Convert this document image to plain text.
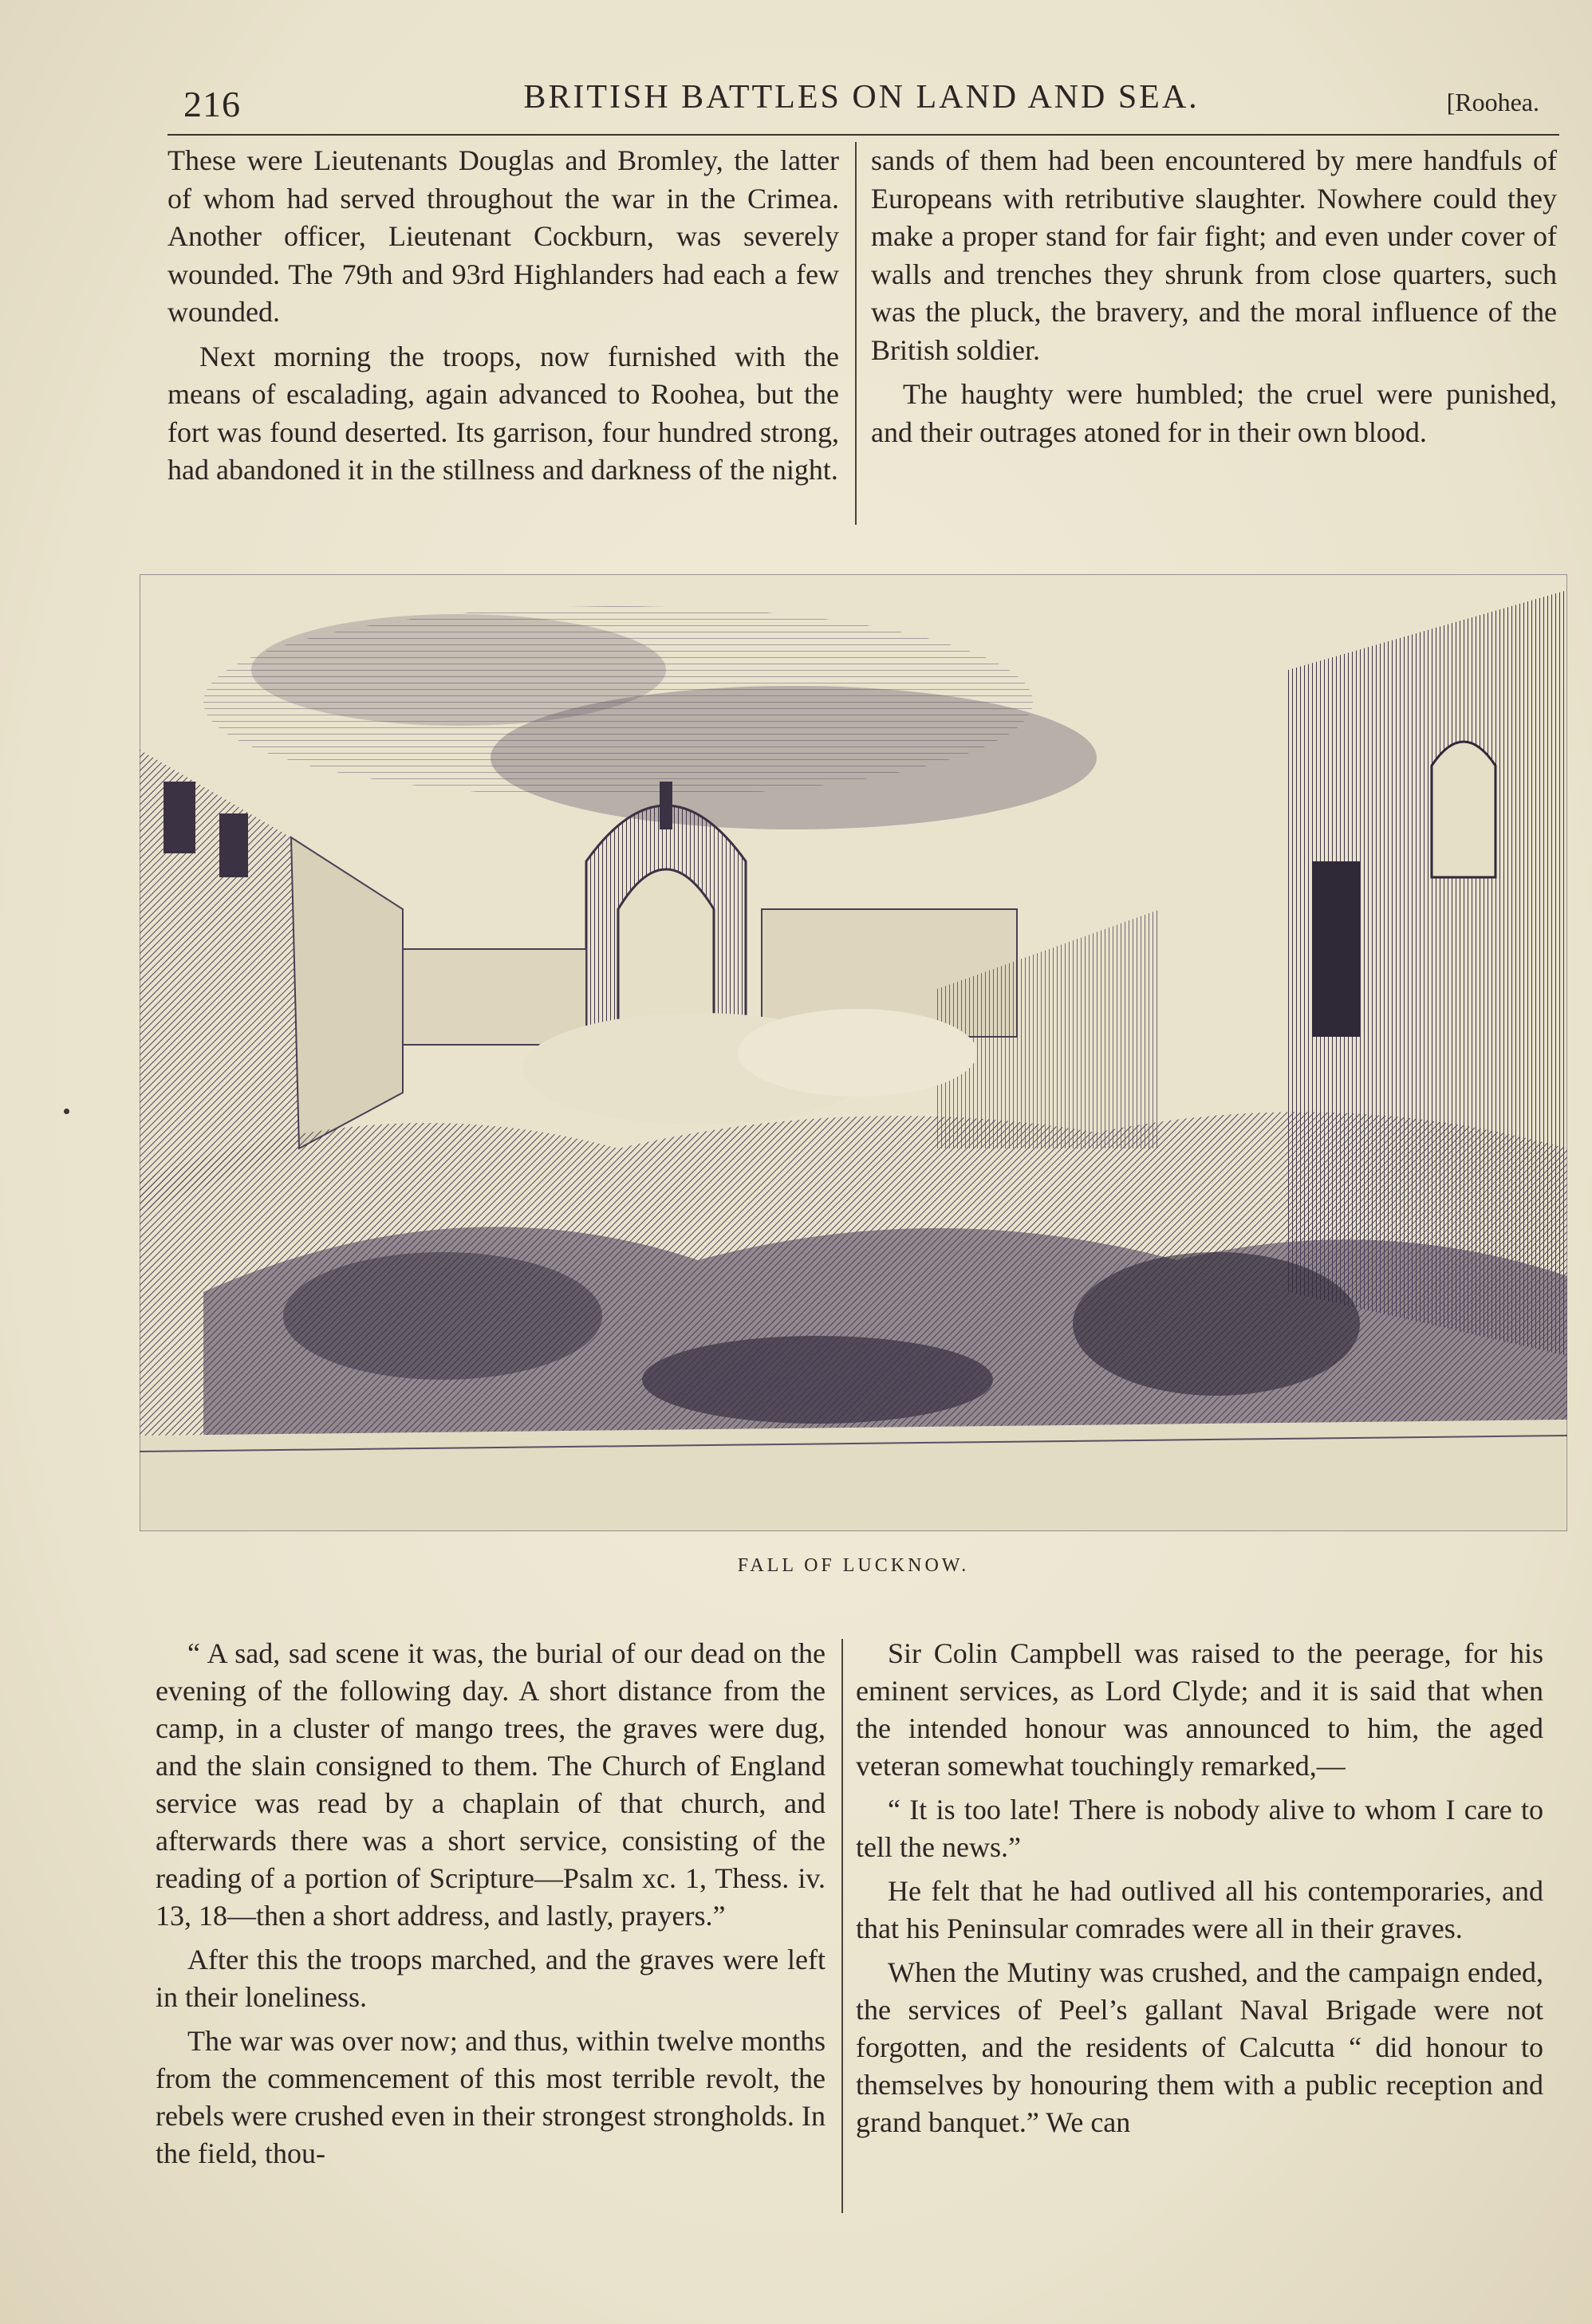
216	BRITISH BATTLES ON LAND AND SEA.	[Roohea.

These were Lieutenants Douglas and Bromley, the latter of whom had served throughout the war in the Crimea. Another officer, Lieutenant Cockburn, was severely wounded. The 79th and 93rd Highlanders had each a few wounded.

Next morning the troops, now furnished with the means of escalading, again advanced to Roohea, but the fort was found deserted. Its garrison, four hundred strong, had abandoned it in the stillness and darkness of the night.

sands of them had been encountered by mere handfuls of Europeans with retributive slaughter. Nowhere could they make a proper stand for fair fight; and even under cover of walls and trenches they shrunk from close quarters, such was the pluck, the bravery, and the moral influence of the British soldier.

The haughty were humbled; the cruel were punished, and their outrages atoned for in their own blood.

FALL OF LUCKNOW.

“ A sad, sad scene it was, the burial of our dead on the evening of the following day. A short distance from the camp, in a cluster of mango trees, the graves were dug, and the slain consigned to them. The Church of England service was read by a chaplain of that church, and afterwards there was a short service, consisting of the reading of a portion of Scripture—Psalm xc. 1, Thess. iv. 13, 18—then a short address, and lastly, prayers.”

After this the troops marched, and the graves were left in their loneliness.

The war was over now; and thus, within twelve months from the commencement of this most terrible revolt, the rebels were crushed even in their strongest strongholds. In the field, thou-

Sir Colin Campbell was raised to the peerage, for his eminent services, as Lord Clyde; and it is said that when the intended honour was announced to him, the aged veteran somewhat touchingly remarked,—

“ It is too late! There is nobody alive to whom I care to tell the news.”

He felt that he had outlived all his contemporaries, and that his Peninsular comrades were all in their graves.

When the Mutiny was crushed, and the campaign ended, the services of Peel’s gallant Naval Brigade were not forgotten, and the residents of Calcutta “ did honour to themselves by honouring them with a public reception and grand banquet.” We can
